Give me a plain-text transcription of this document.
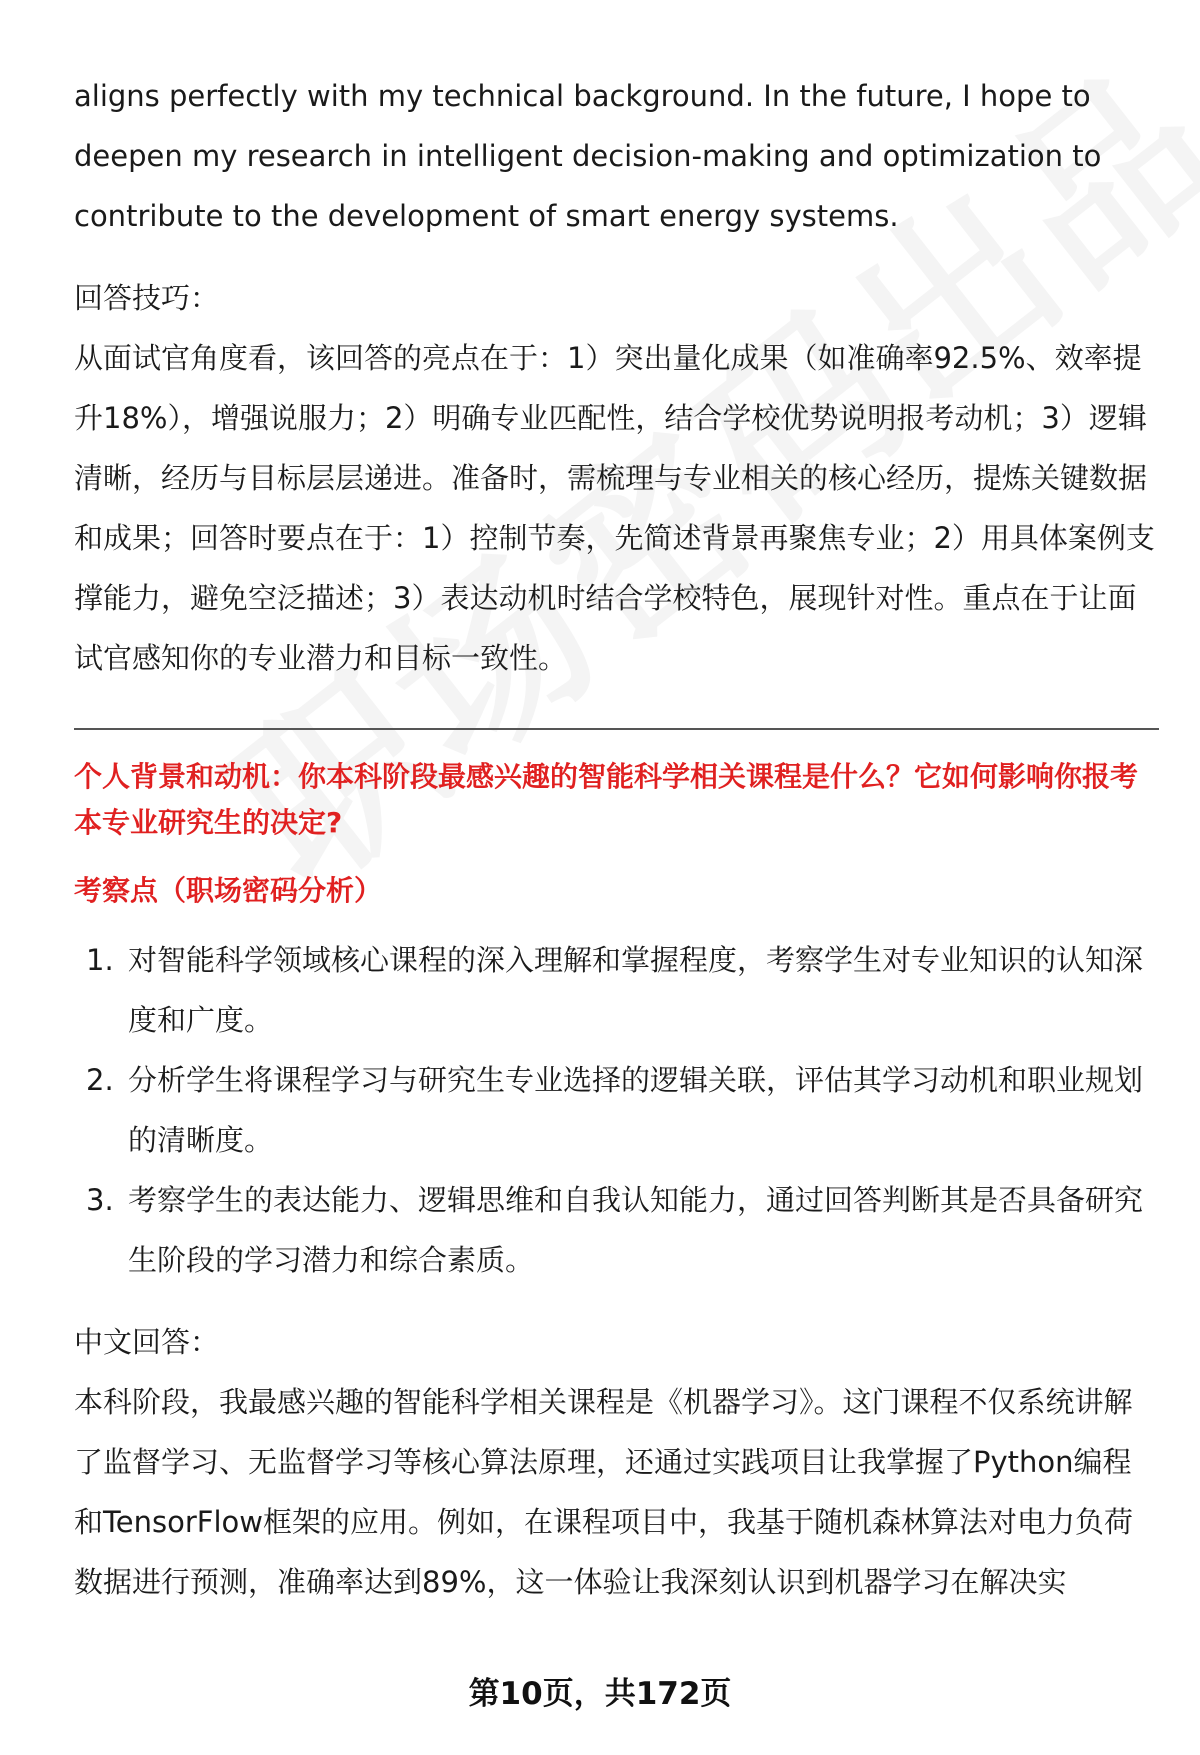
aligns perfectly with my technical background. In the future, I hope to deepen my research in intelligent decision-making and optimization to contribute to the development of smart energy systems.

回答技巧：

从面试官角度看，该回答的亮点在于：1）突出量化成果（如准确率92.5%、效率提升18%），增强说服力；2）明确专业匹配性，结合学校优势说明报考动机；3）逻辑清晰，经历与目标层层递进。准备时，需梳理与专业相关的核心经历，提炼关键数据和成果；回答时要点在于：1）控制节奏，先简述背景再聚焦专业；2）用具体案例支撑能力，避免空泛描述；3）表达动机时结合学校特色，展现针对性。重点在于让面试官感知你的专业潜力和目标一致性。

个人背景和动机：你本科阶段最感兴趣的智能科学相关课程是什么？它如何影响你报考本专业研究生的决定?

考察点（职场密码分析）

1. 对智能科学领域核心课程的深入理解和掌握程度，考察学生对专业知识的认知深度和广度。
2. 分析学生将课程学习与研究生专业选择的逻辑关联，评估其学习动机和职业规划的清晰度。
3. 考察学生的表达能力、逻辑思维和自我认知能力，通过回答判断其是否具备研究生阶段的学习潜力和综合素质。

中文回答：

本科阶段，我最感兴趣的智能科学相关课程是《机器学习》。这门课程不仅系统讲解了监督学习、无监督学习等核心算法原理，还通过实践项目让我掌握了Python编程和TensorFlow框架的应用。例如，在课程项目中，我基于随机森林算法对电力负荷数据进行预测，准确率达到89%，这一体验让我深刻认识到机器学习在解决实

第10页，共172页
